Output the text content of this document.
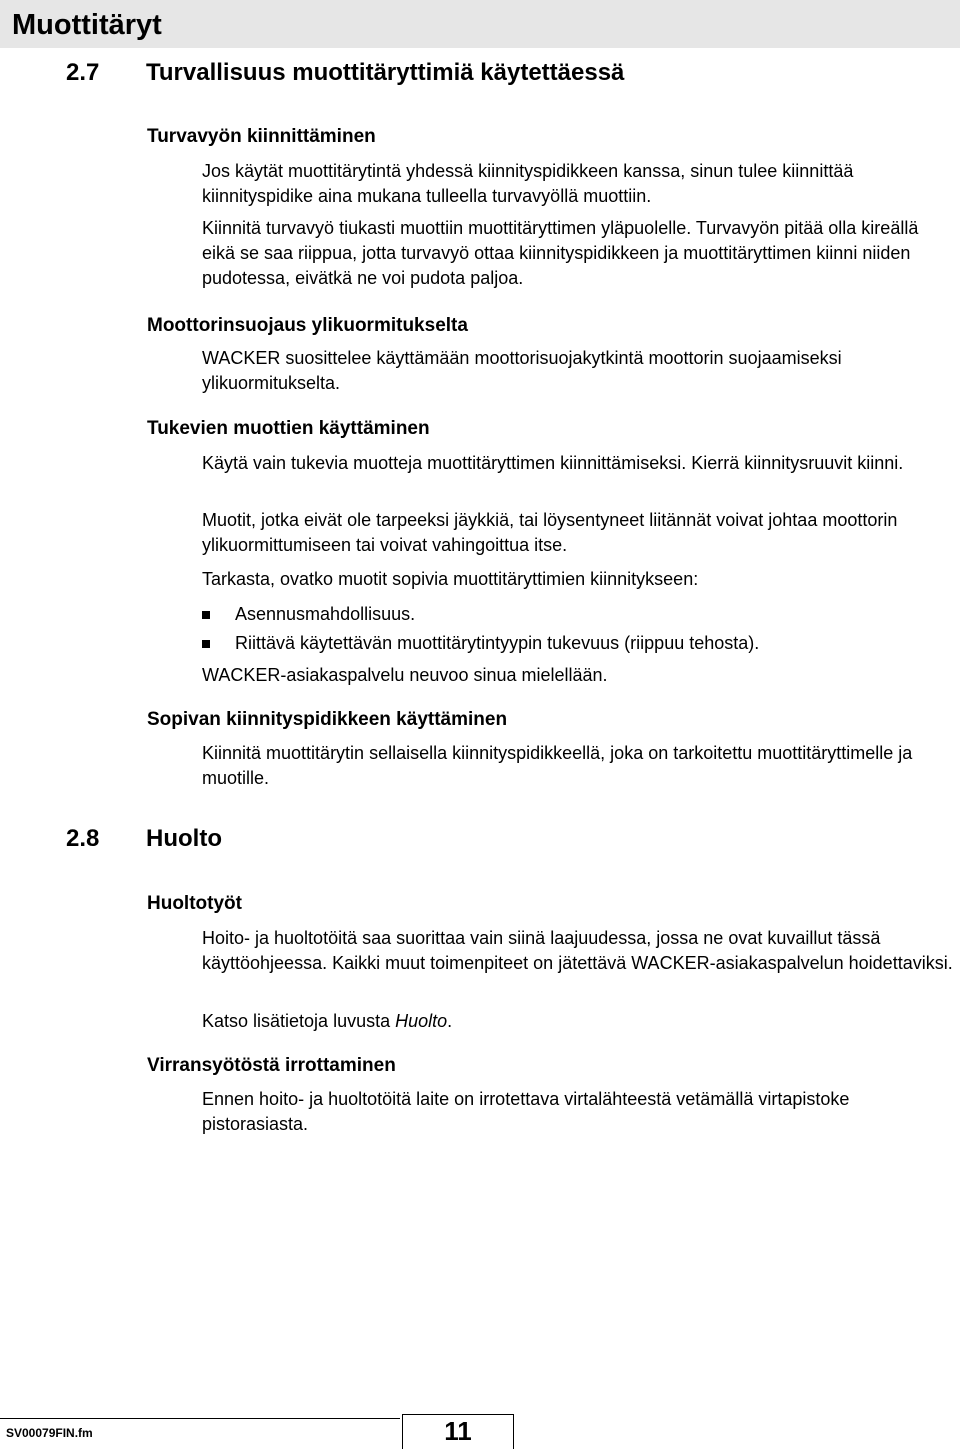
Muottitäryt
2.7 Turvallisuus muottitäryttimiä käytettäessä
Turvavyön kiinnittäminen
Jos käytät muottitärytintä yhdessä kiinnityspidikkeen kanssa, sinun tulee kiinnittää kiinnityspidike aina mukana tulleella turvavyöllä muottiin.
Kiinnitä turvavyö tiukasti muottiin muottitäryttimen yläpuolelle. Turvavyön pitää olla kireällä eikä se saa riippua, jotta turvavyö ottaa kiinnityspidikkeen ja muottitäryttimen kiinni niiden pudotessa, eivätkä ne voi pudota paljoa.
Moottorinsuojaus ylikuormitukselta
WACKER suosittelee käyttämään moottorisuojakytkintä moottorin suojaamiseksi ylikuormitukselta.
Tukevien muottien käyttäminen
Käytä vain tukevia muotteja muottitäryttimen kiinnittämiseksi. Kierrä kiinnitysruuvit kiinni.
Muotit, jotka eivät ole tarpeeksi jäykkiä, tai löysentyneet liitännät voivat johtaa moottorin ylikuormittumiseen tai voivat vahingoittua itse.
Tarkasta, ovatko muotit sopivia muottitäryttimien kiinnitykseen:
Asennusmahdollisuus.
Riittävä käytettävän muottitärytintyypin tukevuus (riippuu tehosta).
WACKER-asiakaspalvelu neuvoo sinua mielellään.
Sopivan kiinnityspidikkeen käyttäminen
Kiinnitä muottitärytin sellaisella kiinnityspidikkeellä, joka on tarkoitettu muottitäryttimelle ja muotille.
2.8 Huolto
Huoltotyöt
Hoito- ja huoltotöitä saa suorittaa vain siinä laajuudessa, jossa ne ovat kuvaillut tässä käyttöohjeessa. Kaikki muut toimenpiteet on jätettävä WACKER-asiakaspalvelun hoidettaviksi.
Katso lisätietoja luvusta Huolto.
Virransyötöstä irrottaminen
Ennen hoito- ja huoltotöitä laite on irrotettava virtalähteestä vetämällä virtapistoke pistorasiasta.
SV00079FIN.fm	11
